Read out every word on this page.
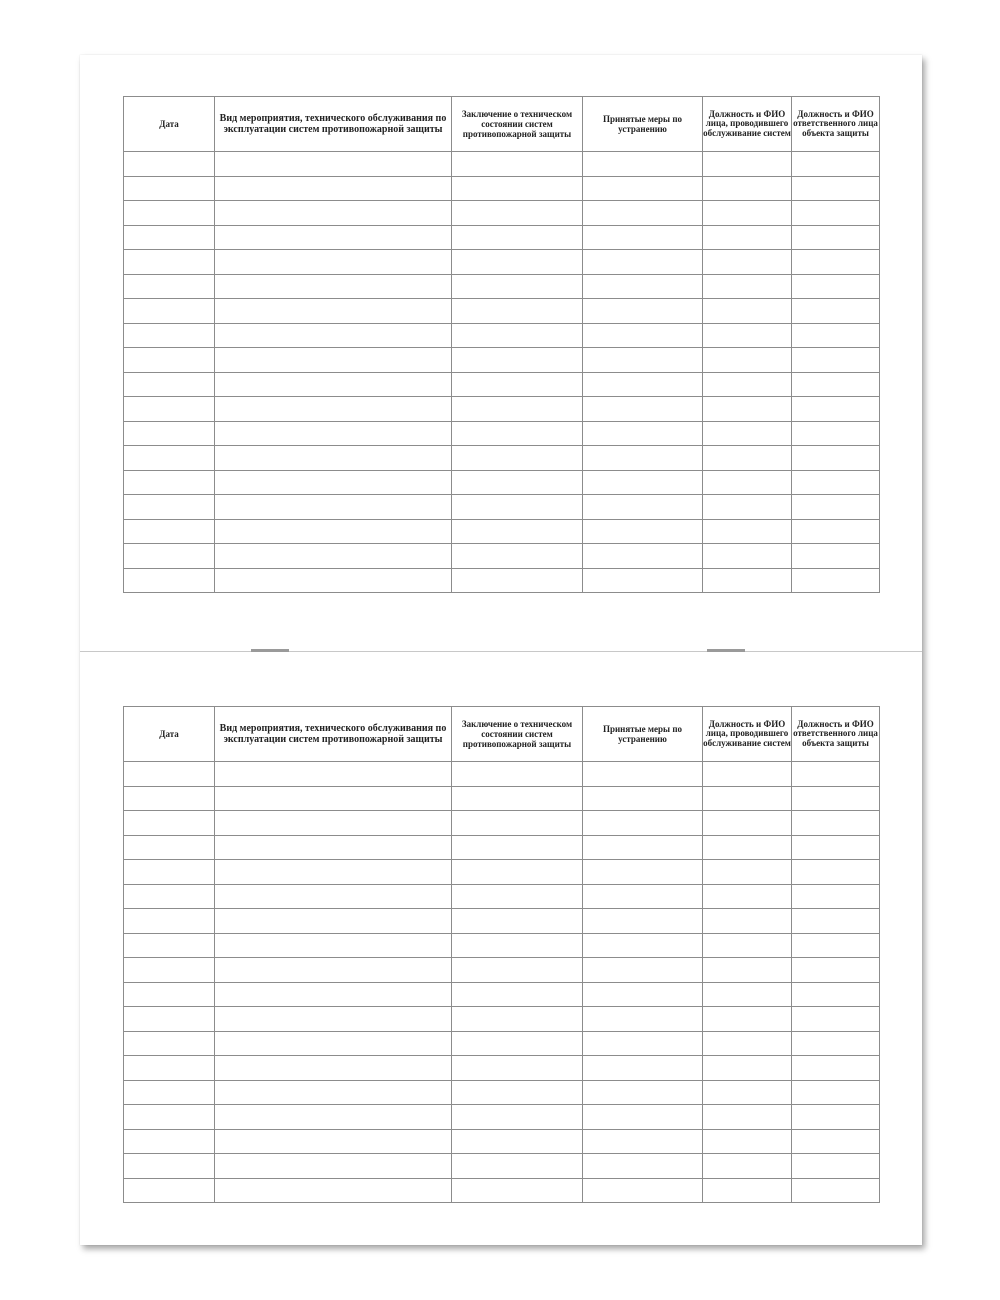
Дата	Вид мероприятия, технического обслуживания по эксплуатации систем противопожарной защиты	Заключение о техническом состоянии систем противопожарной защиты	Принятые меры по устранению	Должность и ФИО лица, проводившего обслуживание систем	Должность и ФИО ответственного лица объекта защиты

Дата	Вид мероприятия, технического обслуживания по эксплуатации систем противопожарной защиты	Заключение о техническом состоянии систем противопожарной защиты	Принятые меры по устранению	Должность и ФИО лица, проводившего обслуживание систем	Должность и ФИО ответственного лица объекта защиты
